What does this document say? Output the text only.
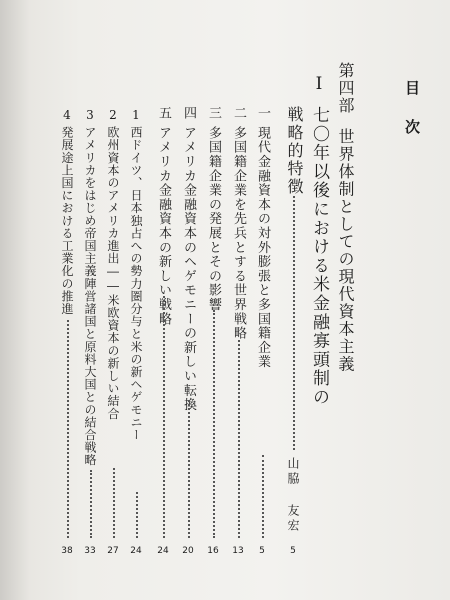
目次
第四部
世界体制としての現代資本主義
I
七〇年以後における米金融寡頭制の
戦略的特徴
山脇 友宏
5
一
現代金融資本の対外膨張と多国籍企業
5
二
多国籍企業を先兵とする世界戦略
13
三
多国籍企業の発展とその影響
16
四
アメリカ金融資本のヘゲモニーの新しい転換
20
五
アメリカ金融資本の新しい戦略
24
1
西ドイツ、日本独占への勢力圏分与と米の新ヘゲモニー
24
2
欧州資本のアメリカ進出――米欧資本の新しい結合
27
3
アメリカをはじめ帝国主義陣営諸国と原料大国との結合戦略
33
4
発展途上国における工業化の推進
38
